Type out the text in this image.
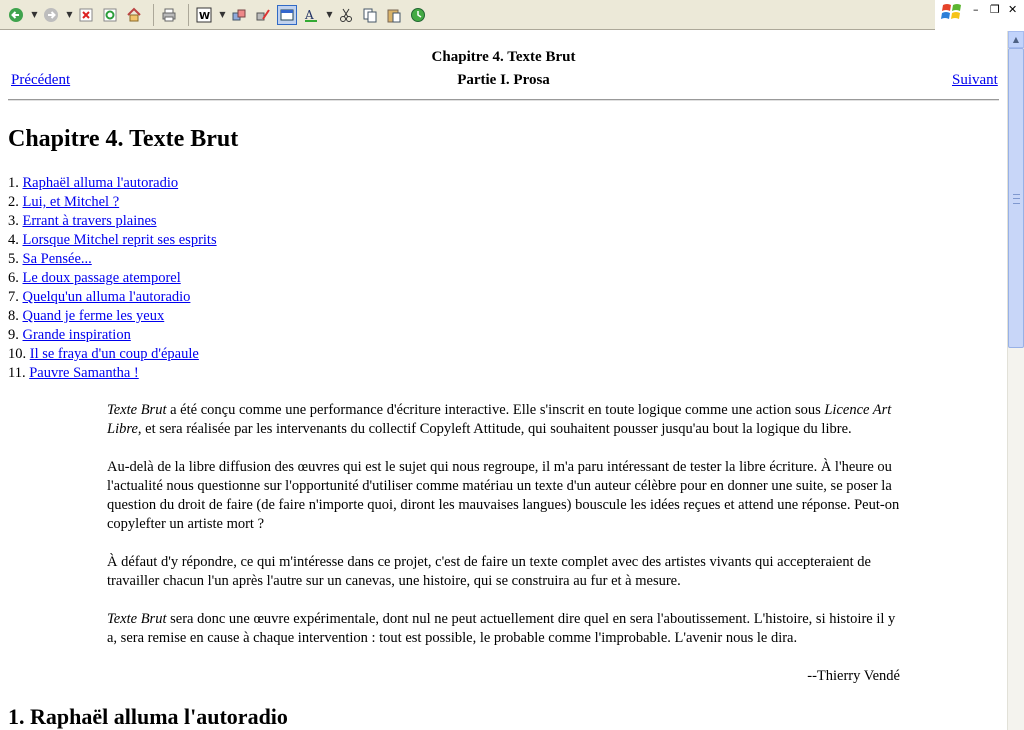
▼	▼	W ▼	A ▼	– ❐ ✕
Chapitre 4. Texte Brut
Précédent	Partie I. Prosa	Suivant
Chapitre 4. Texte Brut
1. Raphaël alluma l'autoradio
2. Lui, et Mitchel ?
3. Errant à travers plaines
4. Lorsque Mitchel reprit ses esprits
5. Sa Pensée...
6. Le doux passage atemporel
7. Quelqu'un alluma l'autoradio
8. Quand je ferme les yeux
9. Grande inspiration
10. Il se fraya d'un coup d'épaule
11. Pauvre Samantha !

Texte Brut a été conçu comme une performance d'écriture interactive. Elle s'inscrit en toute logique comme une action sous Licence Art Libre, et sera réalisée par les intervenants du collectif Copyleft Attitude, qui souhaitent pousser jusqu'au bout la logique du libre.

Au-delà de la libre diffusion des œuvres qui est le sujet qui nous regroupe, il m'a paru intéressant de tester la libre écriture. À l'heure ou l'actualité nous questionne sur l'opportunité d'utiliser comme matériau un texte d'un auteur célèbre pour en donner une suite, se poser la question du droit de faire (de faire n'importe quoi, diront les mauvaises langues) bouscule les idées reçues et attend une réponse. Peut-on copylefter un artiste mort ?

À défaut d'y répondre, ce qui m'intéresse dans ce projet, c'est de faire un texte complet avec des artistes vivants qui accepteraient de travailler chacun l'un après l'autre sur un canevas, une histoire, qui se construira au fur et à mesure.

Texte Brut sera donc une œuvre expérimentale, dont nul ne peut actuellement dire quel en sera l'aboutissement. L'histoire, si histoire il y a, sera remise en cause à chaque intervention : tout est possible, le probable comme l'improbable. L'avenir nous le dira.

--Thierry Vendé

1. Raphaël alluma l'autoradio
▲
